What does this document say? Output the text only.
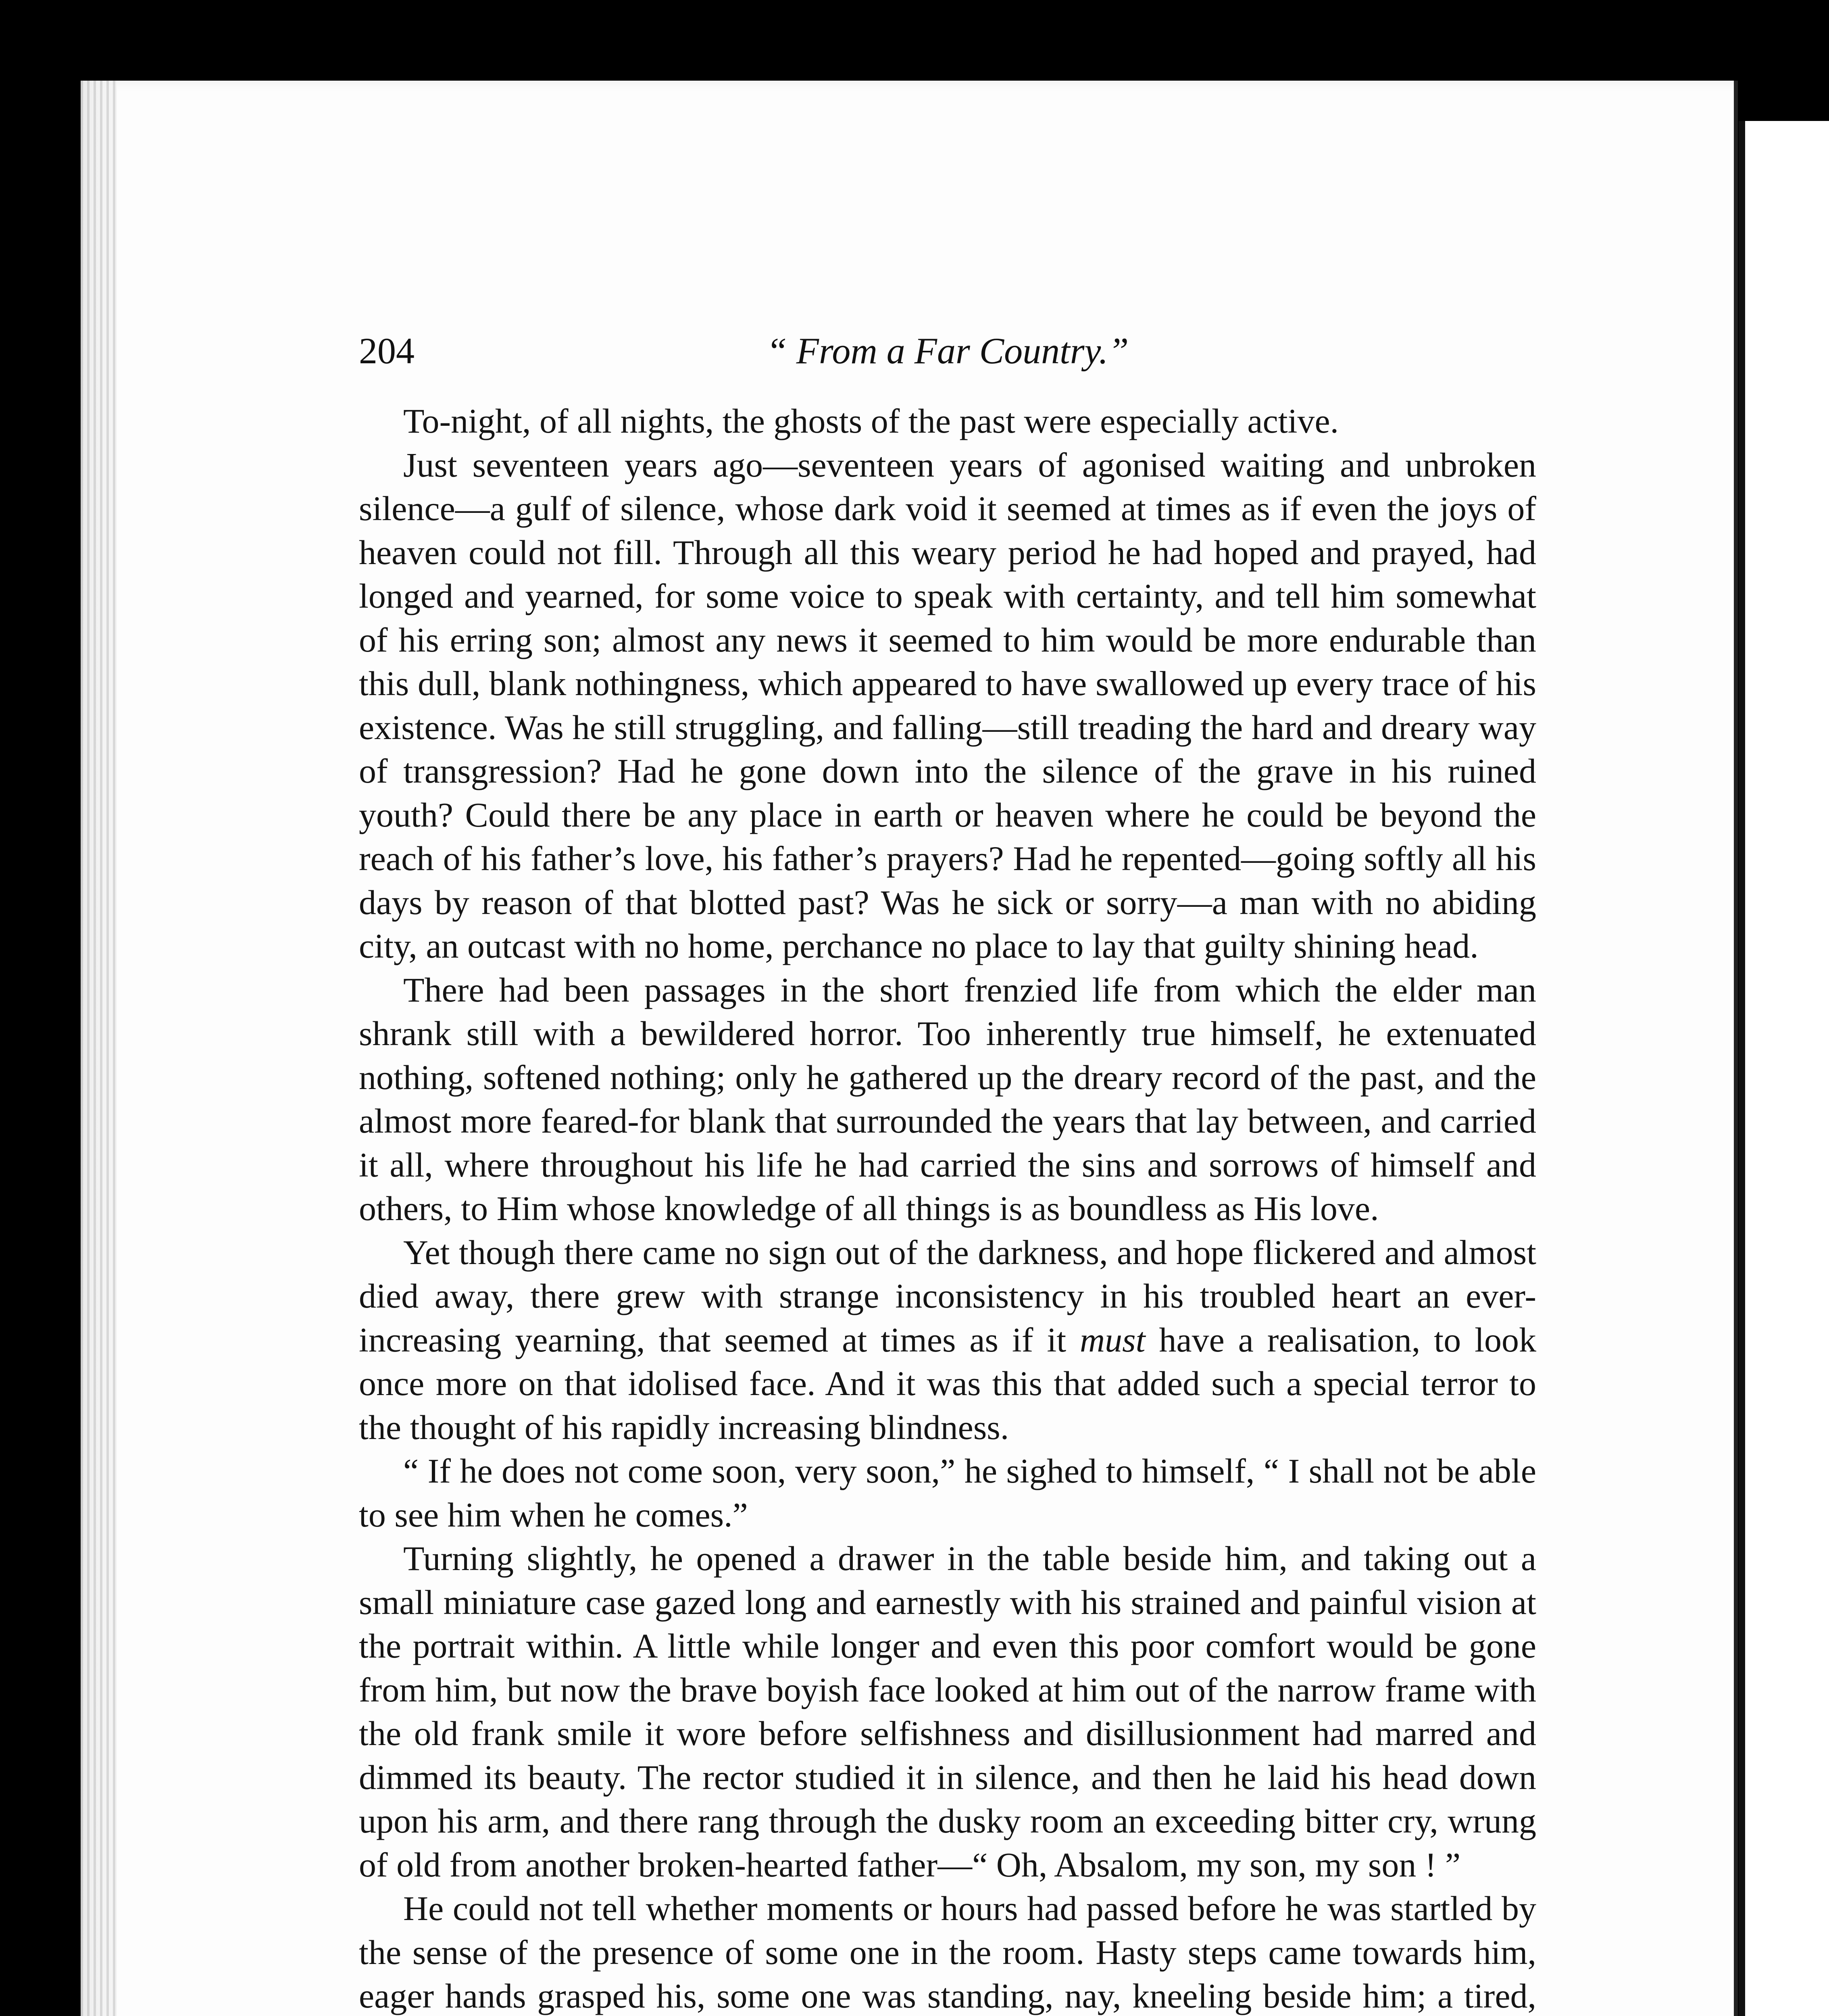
204	“ From a Far Country.”

To-night, of all nights, the ghosts of the past were especially active.

Just seventeen years ago—seventeen years of agonised waiting and unbroken silence—a gulf of silence, whose dark void it seemed at times as if even the joys of heaven could not fill. Through all this weary period he had hoped and prayed, had longed and yearned, for some voice to speak with certainty, and tell him somewhat of his erring son; almost any news it seemed to him would be more endurable than this dull, blank nothingness, which appeared to have swallowed up every trace of his existence. Was he still struggling, and falling—still treading the hard and dreary way of transgression? Had he gone down into the silence of the grave in his ruined youth? Could there be any place in earth or heaven where he could be beyond the reach of his father’s love, his father’s prayers? Had he repented—going softly all his days by reason of that blotted past? Was he sick or sorry—a man with no abiding city, an outcast with no home, perchance no place to lay that guilty shining head.

There had been passages in the short frenzied life from which the elder man shrank still with a bewildered horror. Too inherently true himself, he extenuated nothing, softened nothing; only he gathered up the dreary record of the past, and the almost more feared-for blank that surrounded the years that lay between, and carried it all, where throughout his life he had carried the sins and sorrows of himself and others, to Him whose knowledge of all things is as boundless as His love.

Yet though there came no sign out of the darkness, and hope flickered and almost died away, there grew with strange inconsistency in his troubled heart an ever-increasing yearning, that seemed at times as if it must have a realisation, to look once more on that idolised face. And it was this that added such a special terror to the thought of his rapidly increasing blindness.

“ If he does not come soon, very soon,” he sighed to himself, “ I shall not be able to see him when he comes.”

Turning slightly, he opened a drawer in the table beside him, and taking out a small miniature case gazed long and earnestly with his strained and painful vision at the portrait within. A little while longer and even this poor comfort would be gone from him, but now the brave boyish face looked at him out of the narrow frame with the old frank smile it wore before selfishness and disillusionment had marred and dimmed its beauty. The rector studied it in silence, and then he laid his head down upon his arm, and there rang through the dusky room an exceeding bitter cry, wrung of old from another broken-hearted father—“ Oh, Absalom, my son, my son ! ”

He could not tell whether moments or hours had passed before he was startled by the sense of the presence of some one in the room. Hasty steps came towards him, eager hands grasped his, some one was standing, nay, kneeling beside him; a tired,
